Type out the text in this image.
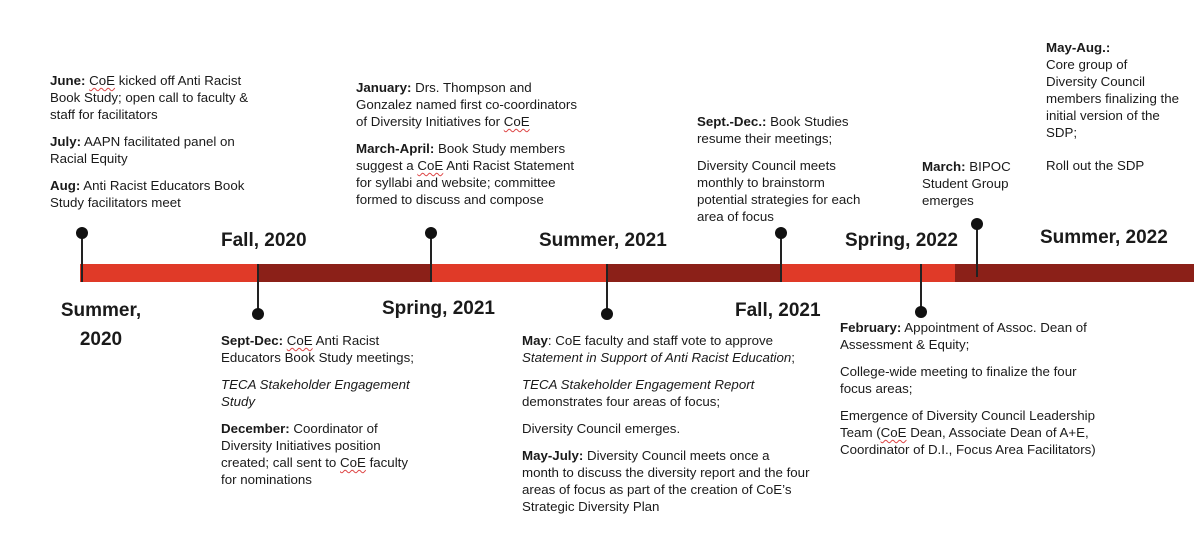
Summer,
2020
Fall, 2020
Spring, 2021
Summer, 2021
Fall, 2021
Spring, 2022	Summer, 2022

June: CoE kicked off Anti Racist Book Study; open call to faculty & staff for facilitators

July: AAPN facilitated panel on Racial Equity

Aug: Anti Racist Educators Book Study facilitators meet

Sept-Dec: CoE Anti Racist Educators Book Study meetings;

TECA Stakeholder Engagement Study

December: Coordinator of Diversity Initiatives position created; call sent to CoE faculty for nominations

January: Drs. Thompson and Gonzalez named first co-coordinators of Diversity Initiatives for CoE

March-April: Book Study members suggest a CoE Anti Racist Statement for syllabi and website; committee formed to discuss and compose

May: CoE faculty and staff vote to approve Statement in Support of Anti Racist Education;

TECA Stakeholder Engagement Report demonstrates four areas of focus;

Diversity Council emerges.

May-July: Diversity Council meets once a month to discuss the diversity report and the four areas of focus as part of the creation of CoE’s Strategic Diversity Plan

Sept.-Dec.: Book Studies resume their meetings;

Diversity Council meets monthly to brainstorm potential strategies for each area of focus

February: Appointment of Assoc. Dean of Assessment & Equity;

College-wide meeting to finalize the four focus areas;

Emergence of Diversity Council Leadership Team (CoE Dean, Associate Dean of A+E, Coordinator of D.I., Focus Area Facilitators)

March: BIPOC Student Group emerges

May-Aug.:

Core group of Diversity Council members finalizing the initial version of the SDP;

Roll out the SDP
